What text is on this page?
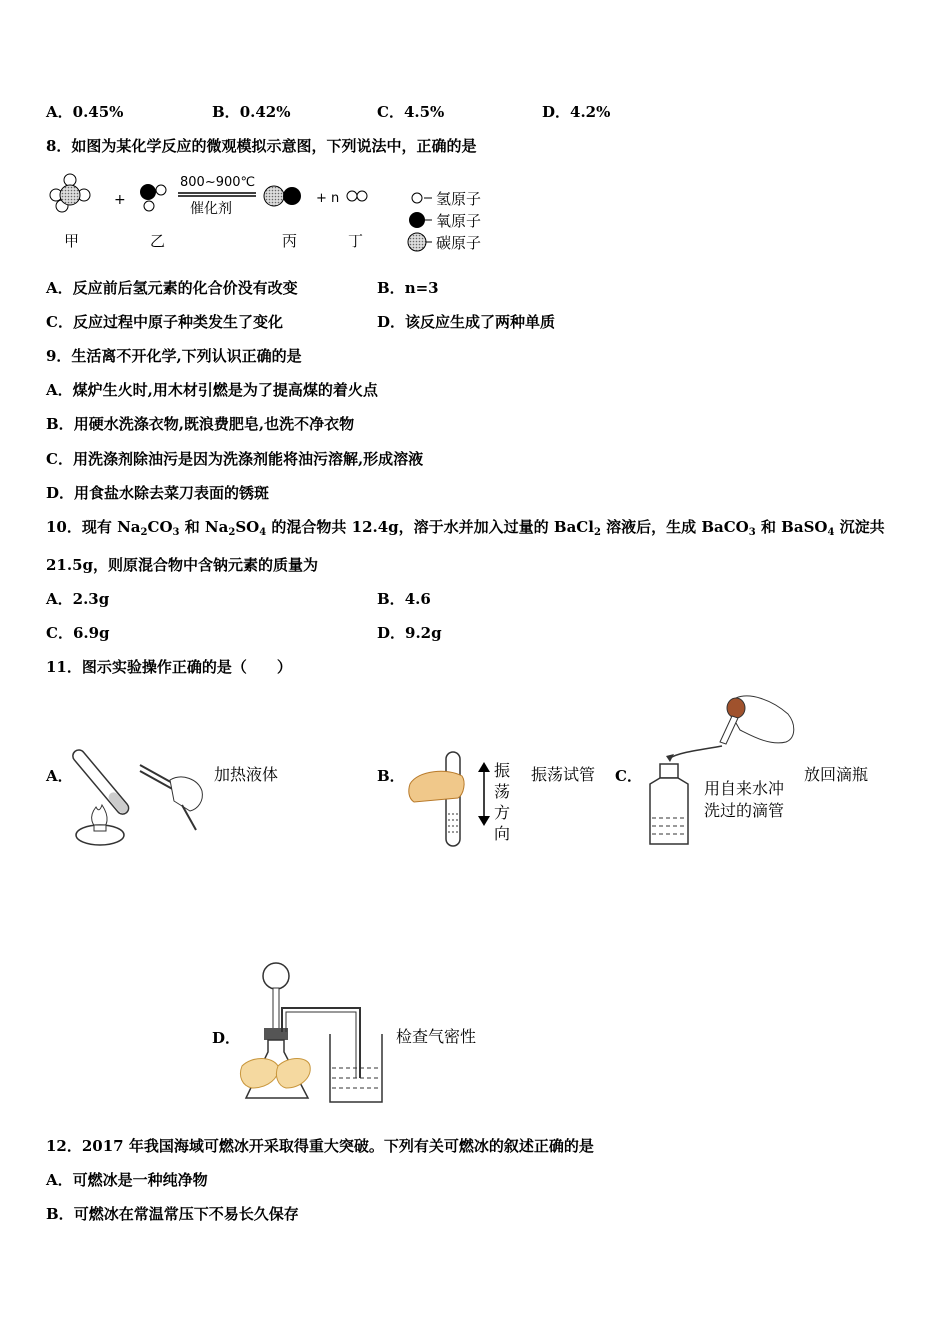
A．0.45%	B．0.42%	C．4.5%	D．4.2%
8．如图为某化学反应的微观模拟示意图，下列说法中，正确的是
+
800~900℃
催化剂
+ n
甲	乙	丙	丁
氢原子
氧原子
碳原子
A．反应前后氢元素的化合价没有改变	B．n=3
C．反应过程中原子种类发生了变化	D．该反应生成了两种单质
9．生活离不开化学,下列认识正确的是
A．煤炉生火时,用木材引燃是为了提高煤的着火点
B．用硬水洗涤衣物,既浪费肥皂,也洗不净衣物
C．用洗涤剂除油污是因为洗涤剂能将油污溶解,形成溶液
D．用食盐水除去菜刀表面的锈斑
10．现有 $Na_2CO_3$ 和 $Na_2SO_4$ 的混合物共 12.4g，溶于水并加入过量的 BaCl$_2$ 溶液后，生成 BaCO$_3$ 和 BaSO$_4$ 沉淀共
21.5g，则原混合物中含钠元素的质量为
A．2.3g	B．4.6
C．6.9g	D．9.2g
11．图示实验操作正确的是（　　）
A．	加热液体	B．	振
荡
方
向
振荡试管 C．
用自来水冲
洗过的滴管
放回滴瓶
D．	检查气密性
12．2017 年我国海域可燃冰开采取得重大突破。下列有关可燃冰的叙述正确的是
A．可燃冰是一种纯净物
B．可燃冰在常温常压下不易长久保存
